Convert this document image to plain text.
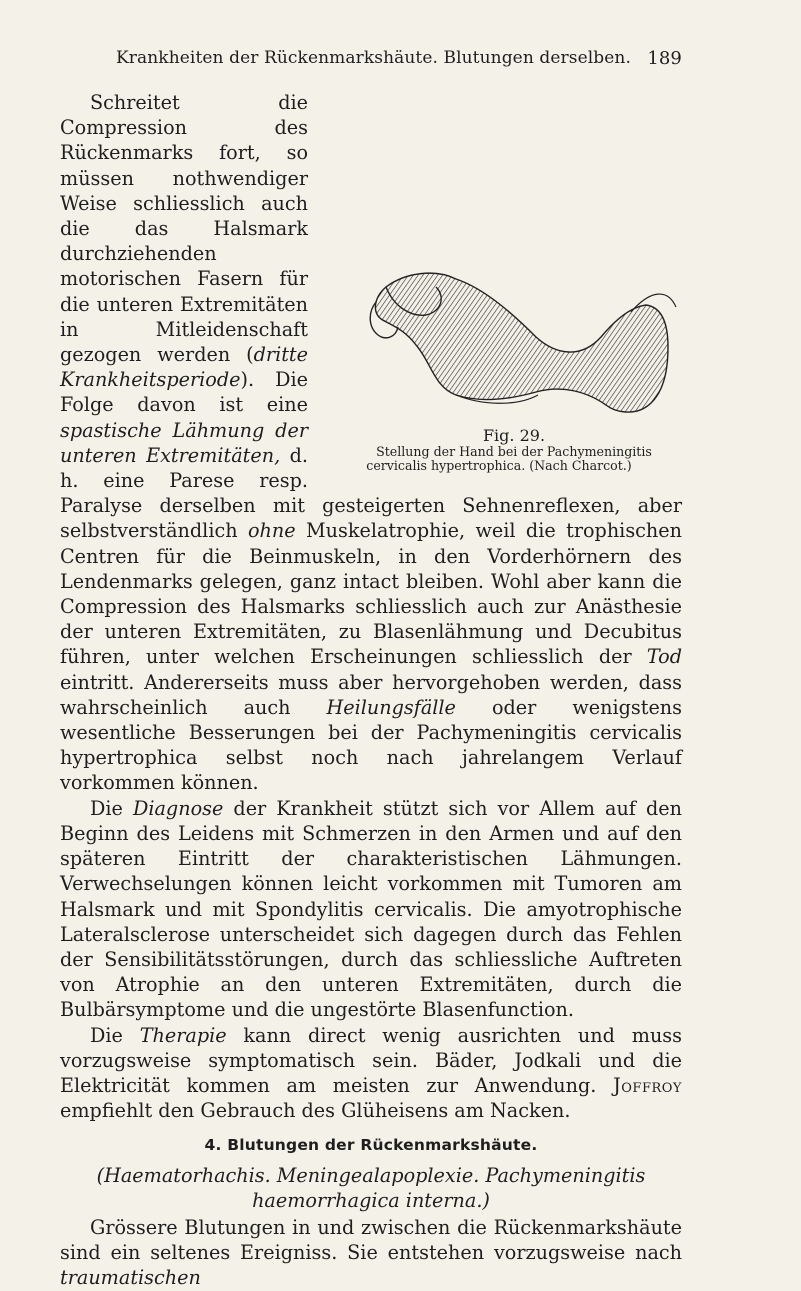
Krankheiten der Rückenmarkshäute. Blutungen derselben. 189

Fig. 29.
Stellung der Hand bei der Pachymeningitis cervicalis hypertrophica. (Nach Charcot.)
Schreitet die Compression des Rückenmarks fort, so müssen nothwendiger Weise schliesslich auch die das Halsmark durchziehenden motorischen Fasern für die unteren Extremitäten in Mitleidenschaft gezogen werden (dritte Krankheitsperiode). Die Folge davon ist eine spastische Lähmung der unteren Extremitäten, d. h. eine Parese resp. Paralyse derselben mit gesteigerten Sehnenreflexen, aber selbstverständlich ohne Muskelatrophie, weil die trophischen Centren für die Beinmuskeln, in den Vorderhörnern des Lendenmarks gelegen, ganz intact bleiben. Wohl aber kann die Compression des Halsmarks schliesslich auch zur Anästhesie der unteren Extremitäten, zu Blasenlähmung und Decubitus führen, unter welchen Erscheinungen schliesslich der Tod eintritt. Andererseits muss aber hervorgehoben werden, dass wahrscheinlich auch Heilungsfälle oder wenigstens wesentliche Besserungen bei der Pachymeningitis cervicalis hypertrophica selbst noch nach jahrelangem Verlauf vorkommen können.

Die Diagnose der Krankheit stützt sich vor Allem auf den Beginn des Leidens mit Schmerzen in den Armen und auf den späteren Eintritt der charakteristischen Lähmungen. Verwechselungen können leicht vorkommen mit Tumoren am Halsmark und mit Spondylitis cervicalis. Die amyotrophische Lateralsclerose unterscheidet sich dagegen durch das Fehlen der Sensibilitätsstörungen, durch das schliessliche Auftreten von Atrophie an den unteren Extremitäten, durch die Bulbärsymptome und die ungestörte Blasenfunction.

Die Therapie kann direct wenig ausrichten und muss vorzugsweise symptomatisch sein. Bäder, Jodkali und die Elektricität kommen am meisten zur Anwendung. Joffroy empfiehlt den Gebrauch des Glüheisens am Nacken.

4. Blutungen der Rückenmarkshäute.

(Haematorhachis. Meningealapoplexie. Pachymeningitis haemorrhagica interna.)

Grössere Blutungen in und zwischen die Rückenmarkshäute sind ein seltenes Ereigniss. Sie entstehen vorzugsweise nach traumatischen
